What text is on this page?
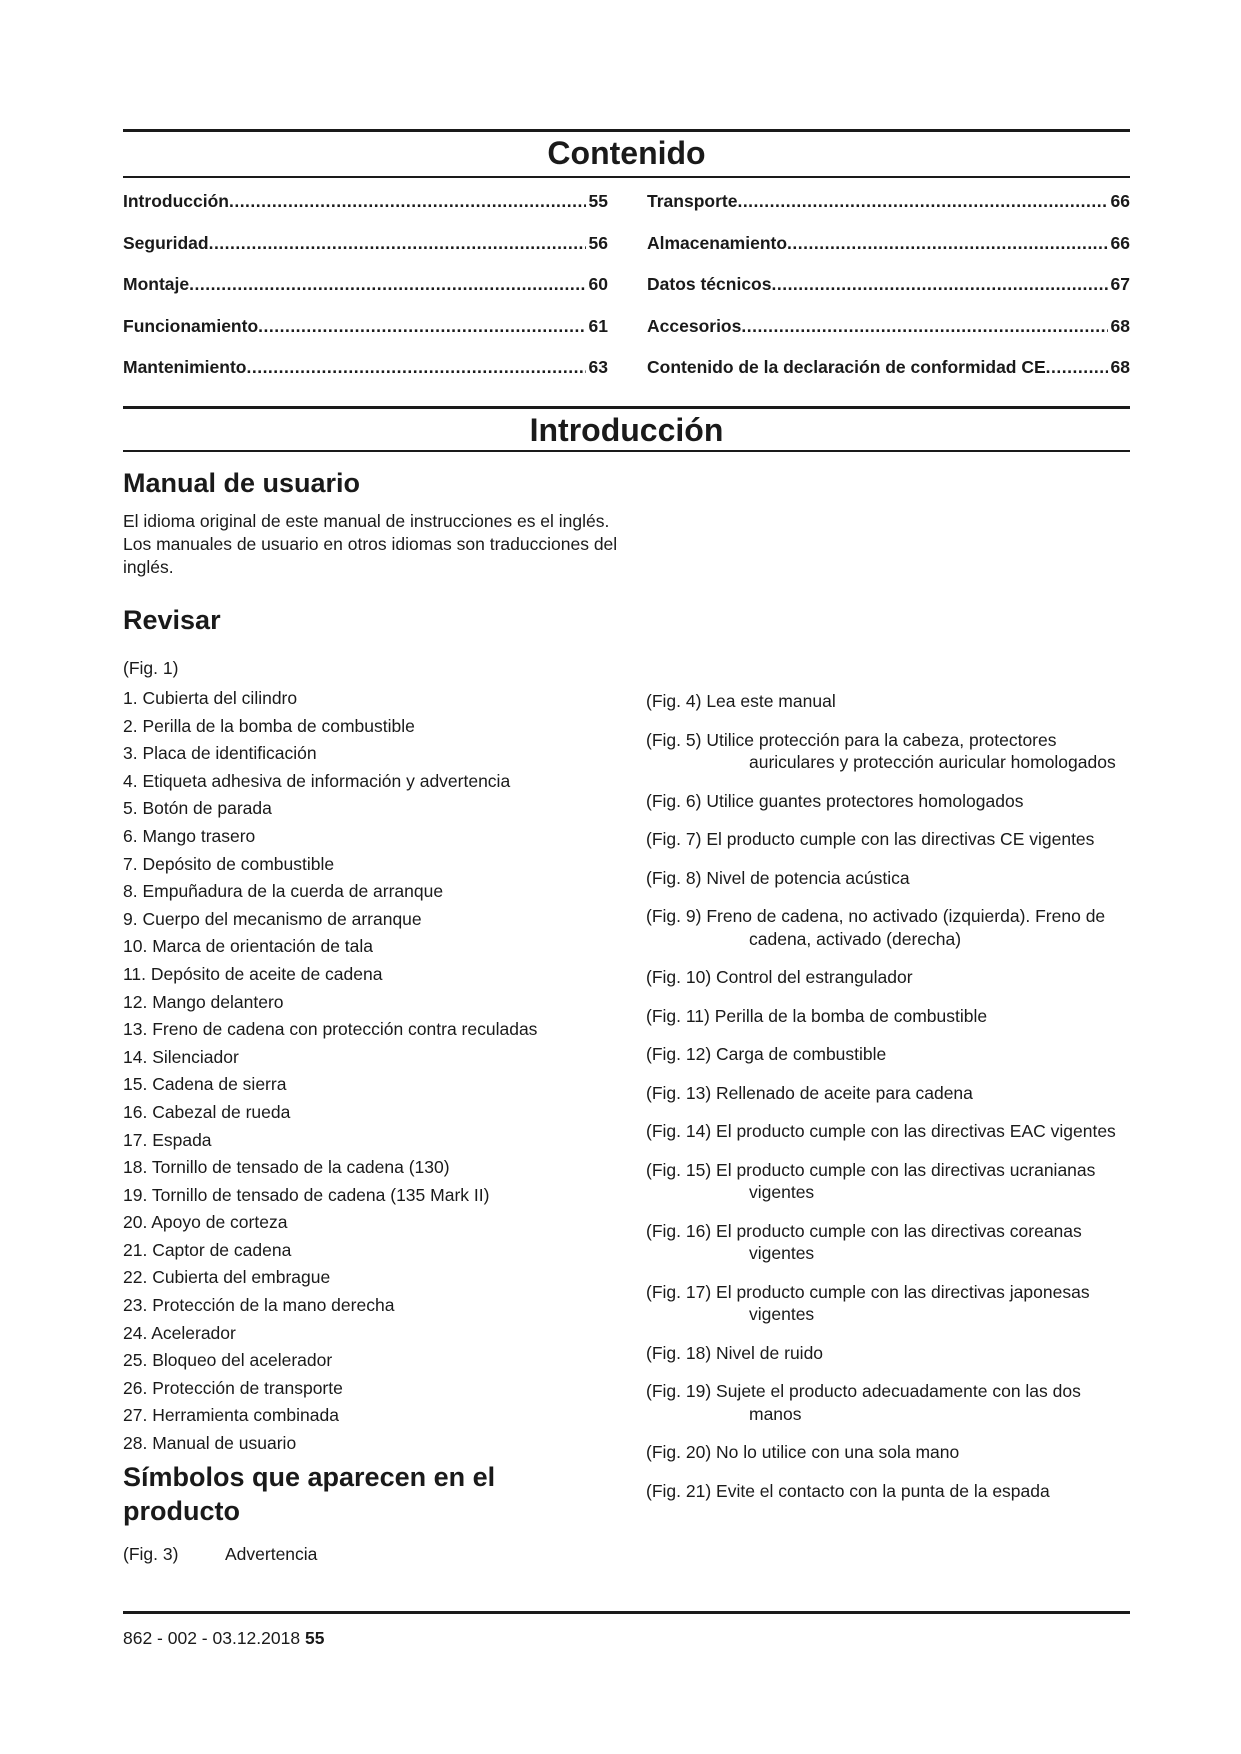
Contenido
Introducción .....	55
Seguridad .....	56
Montaje .....	60
Funcionamiento .....	61
Mantenimiento .....	63
Transporte .....	66
Almacenamiento .....	66
Datos técnicos .....	67
Accesorios .....	68
Contenido de la declaración de conformidad CE .....	68
Introducción
Manual de usuario

El idioma original de este manual de instrucciones es el inglés. Los manuales de usuario en otros idiomas son traducciones del inglés.

Revisar

(Fig. 1)

1. Cubierta del cilindro
2. Perilla de la bomba de combustible
3. Placa de identificación
4. Etiqueta adhesiva de información y advertencia
5. Botón de parada
6. Mango trasero
7. Depósito de combustible
8. Empuñadura de la cuerda de arranque
9. Cuerpo del mecanismo de arranque
10. Marca de orientación de tala
11. Depósito de aceite de cadena
12. Mango delantero
13. Freno de cadena con protección contra reculadas
14. Silenciador
15. Cadena de sierra
16. Cabezal de rueda
17. Espada
18. Tornillo de tensado de la cadena (130)
19. Tornillo de tensado de cadena (135 Mark II)
20. Apoyo de corteza
21. Captor de cadena
22. Cubierta del embrague
23. Protección de la mano derecha
24. Acelerador
25. Bloqueo del acelerador
26. Protección de transporte
27. Herramienta combinada
28. Manual de usuario
Símbolos que aparecen en el producto
(Fig. 3)	Advertencia
(Fig. 4) Lea este manual
(Fig. 5) Utilice protección para la cabeza, protectores auriculares y protección auricular homologados
(Fig. 6) Utilice guantes protectores homologados
(Fig. 7) El producto cumple con las directivas CE vigentes
(Fig. 8) Nivel de potencia acústica
(Fig. 9) Freno de cadena, no activado (izquierda). Freno de cadena, activado (derecha)
(Fig. 10) Control del estrangulador
(Fig. 11) Perilla de la bomba de combustible
(Fig. 12) Carga de combustible
(Fig. 13) Rellenado de aceite para cadena
(Fig. 14) El producto cumple con las directivas EAC vigentes
(Fig. 15) El producto cumple con las directivas ucranianas vigentes
(Fig. 16) El producto cumple con las directivas coreanas vigentes
(Fig. 17) El producto cumple con las directivas japonesas vigentes
(Fig. 18) Nivel de ruido
(Fig. 19) Sujete el producto adecuadamente con las dos manos
(Fig. 20) No lo utilice con una sola mano
(Fig. 21) Evite el contacto con la punta de la espada
862 - 002 - 03.12.2018 55
